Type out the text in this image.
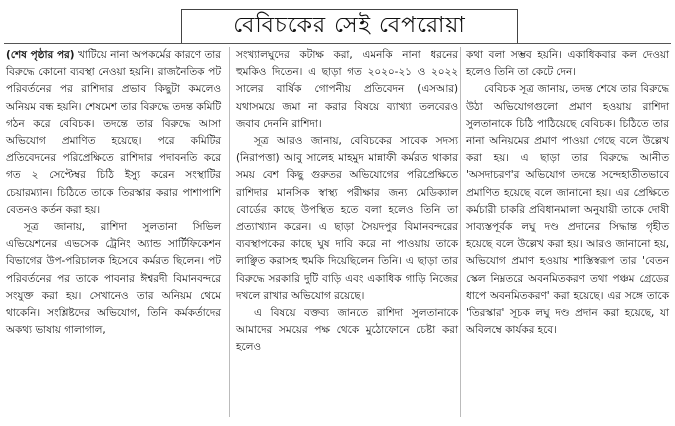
বেবিচকের সেই বেপরোয়া

(শেষ পৃষ্ঠার পর) খাটিয়ে নানা অপকর্মের কারণে তার বিরুদ্ধে কোনো ব্যবস্থা নেওয়া হয়নি। রাজনৈতিক পট পরিবর্তনের পর রাশিদার প্রভাব কিছুটা কমলেও অনিয়ম বন্ধ হয়নি। শেষমেশ তার বিরুদ্ধে তদন্ত কমিটি গঠন করে বেবিচক। তদন্তে তার বিরুদ্ধে আসা অভিযোগ প্রমাণিত হয়েছে। পরে কমিটির প্রতিবেদনের পরিপ্রেক্ষিতে রাশিদার পদাবনতি করে গত ২ সেপ্টেম্বর চিঠি ইস্যু করেন সংস্থাটির চেয়ারম্যান। চিঠিতে তাকে তিরস্কার করার পাশাপাশি বেতনও কর্তন করা হয়।

সূত্র জানায়, রাশিদা সুলতানা সিভিল এভিয়েশনের এভসেক ট্রেনিং অ্যান্ড সার্টিফিকেশন বিভাগের উপ-পরিচালক হিসেবে কর্মরত ছিলেন। পট পরিবর্তনের পর তাকে পাবনার ঈশ্বরদী বিমানবন্দরে সংযুক্ত করা হয়। সেখানেও তার অনিয়ম থেমে থাকেনি। সংশ্লিষ্টদের অভিযোগ, তিনি কর্মকর্তাদের অকথ্য ভাষায় গালাগাল,

সংখ্যালঘুদের কটাক্ষ করা, এমনকি নানা ধরনের হুমকিও দিতেন। এ ছাড়া গত ২০২০-২১ ও ২০২২ সালের বার্ষিক গোপনীয় প্রতিবেদন (এসআর) যথাসময়ে জমা না করার বিষয়ে ব্যাখ্যা তলবেরও জবাব দেননি রাশিদা।

সূত্র আরও জানায়, বেবিচকের সাবেক সদস্য (নিরাপত্তা) আবু সালেহ মাহমুদ মান্নাফী কর্মরত থাকার সময় বেশ কিছু গুরুতর অভিযোগের পরিপ্রেক্ষিতে রাশিদার মানসিক স্বাস্থ্য পরীক্ষার জন্য মেডিক্যাল বোর্ডের কাছে উপস্থিত হতে বলা হলেও তিনি তা প্রত্যাখ্যান করেন। এ ছাড়া সৈয়দপুর বিমানবন্দরের ব্যবস্থাপকের কাছে ঘুষ দাবি করে না পাওয়ায় তাকে লাঞ্ছিত করাসহ হুমকি দিয়েছিলেন তিনি। এ ছাড়া তার বিরুদ্ধে সরকারি দুটি বাড়ি এবং একাধিক গাড়ি নিজের দখলে রাখার অভিযোগ রয়েছে।

এ বিষয়ে বক্তব্য জানতে রাশিদা সুলতানাকে আমাদের সময়ের পক্ষ থেকে মুঠোফোনে চেষ্টা করা হলেও

কথা বলা সম্ভব হয়নি। একাধিকবার কল দেওয়া হলেও তিনি তা কেটে দেন।

বেবিচক সূত্র জানায়, তদন্ত শেষে তার বিরুদ্ধে উঠা অভিযোগগুলো প্রমাণ হওয়ায় রাশিদা সুলতানাকে চিঠি পাঠিয়েছে বেবিচক। চিঠিতে তার নানা অনিয়মের প্রমাণ পাওয়া গেছে বলে উল্লেখ করা হয়। এ ছাড়া তার বিরুদ্ধে আনীত 'অসদাচরণ'র অভিযোগ তদন্তে সন্দেহাতীতভাবে প্রমাণিত হয়েছে বলে জানানো হয়। এর প্রেক্ষিতে কর্মচারী চাকরি প্রবিধানমালা অনুযায়ী তাকে দোষী সাব্যস্তপূর্বক লঘু দণ্ড প্রদানের সিদ্ধান্ত গৃহীত হয়েছে বলে উল্লেখ করা হয়। আরও জানানো হয়, অভিযোগ প্রমাণ হওয়ায় শাস্তিস্বরূপ তার 'বেতন স্কেল নিম্নতরে অবনমিতকরণ তথা পঞ্চম গ্রেডের ধাপে অবনমিতকরণ' করা হয়েছে। এর সঙ্গে তাকে 'তিরস্কার' সূচক লঘু দণ্ড প্রদান করা হয়েছে, যা অবিলম্বে কার্যকর হবে।
